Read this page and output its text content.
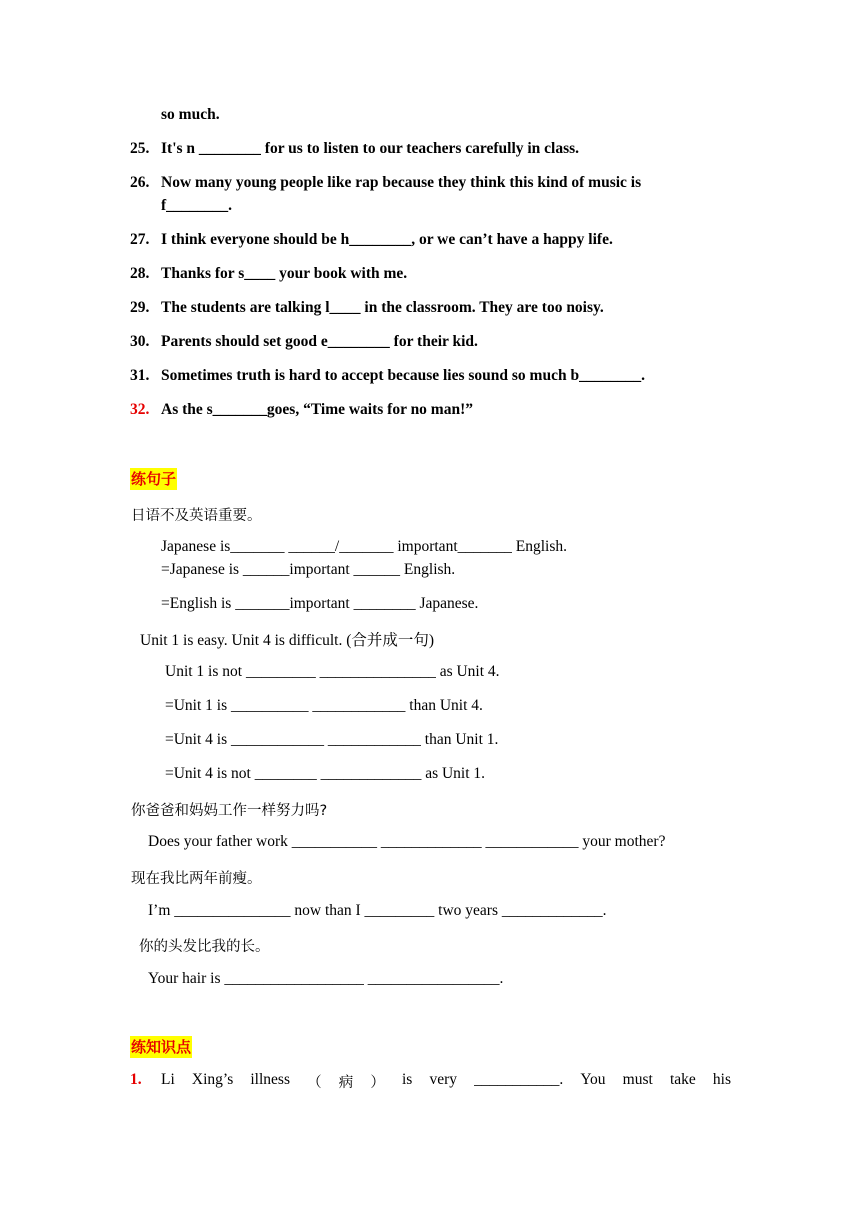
so much.
25. It's n ________ for us to listen to our teachers carefully in class.
26. Now many young people like rap because they think this kind of music is
f________.
27. I think everyone should be h________, or we can’t have a happy life.
28. Thanks for s____ your book with me.
29. The students are talking l____ in the classroom. They are too noisy.
30. Parents should set good e________ for their kid.
31. Sometimes truth is hard to accept because lies sound so much b________.
32. As the s_______goes, “Time waits for no man!”
练句子
日语不及英语重要。
Japanese is_______ ______/_______ important_______ English.
=Japanese is ______important ______ English.
=English is _______important ________ Japanese.
Unit 1 is easy. Unit 4 is difficult. (合并成一句)
Unit 1 is not _________ _______________ as Unit 4.
=Unit 1 is __________ ____________ than Unit 4.
=Unit 4 is ____________ ____________ than Unit 1.
=Unit 4 is not ________ _____________ as Unit 1.
你爸爸和妈妈工作一样努力吗?
Does your father work ___________ _____________ ____________ your mother?
现在我比两年前瘦。
I’m _______________ now than I _________ two years _____________.
你的头发比我的长。
Your hair is __________________ _________________.
练知识点
1. Li Xing’s illness （ 病 ） is very ___________. You must take his
